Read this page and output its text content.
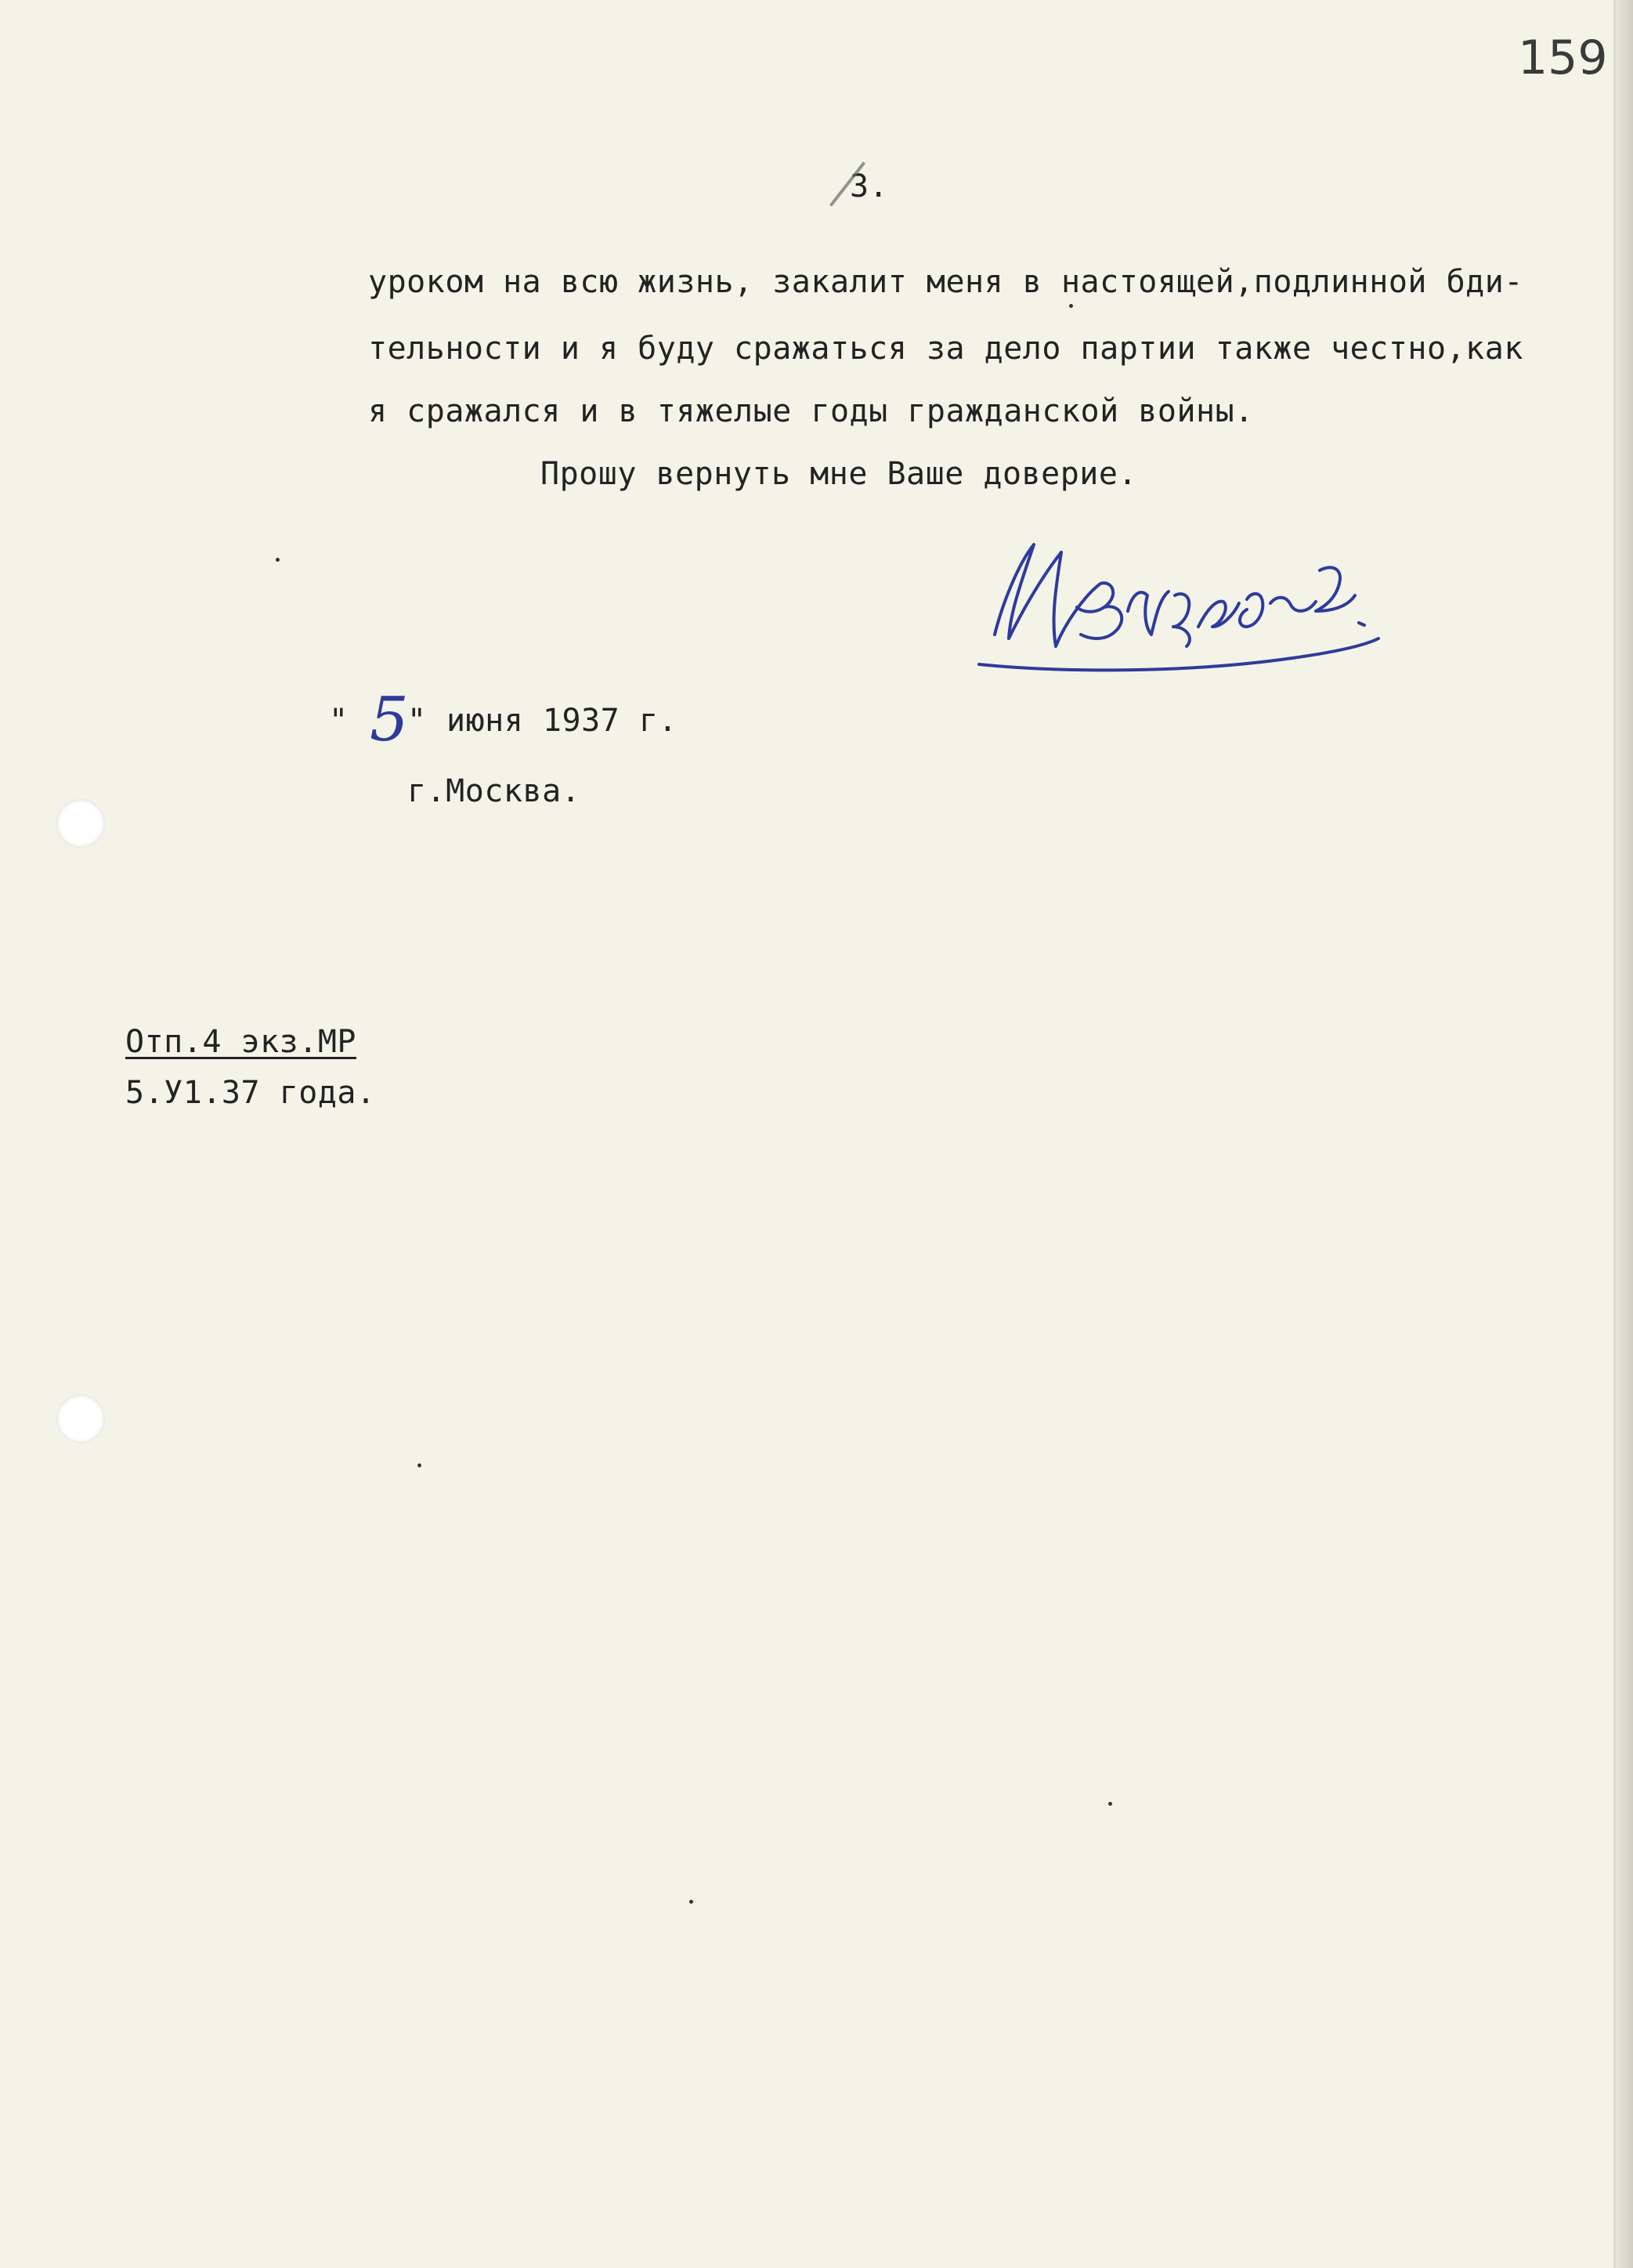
159
3.
уроком на всю жизнь, закалит меня в настоящей,подлинной бди-
тельности и я буду сражаться за дело партии также честно,как
я сражался и в тяжелые годы гражданской войны.
Прошу вернуть мне Ваше доверие.
" 5
" июня 1937 г.
г.Москва.
Отп.4 экз.МР
5.У1.37 года.
